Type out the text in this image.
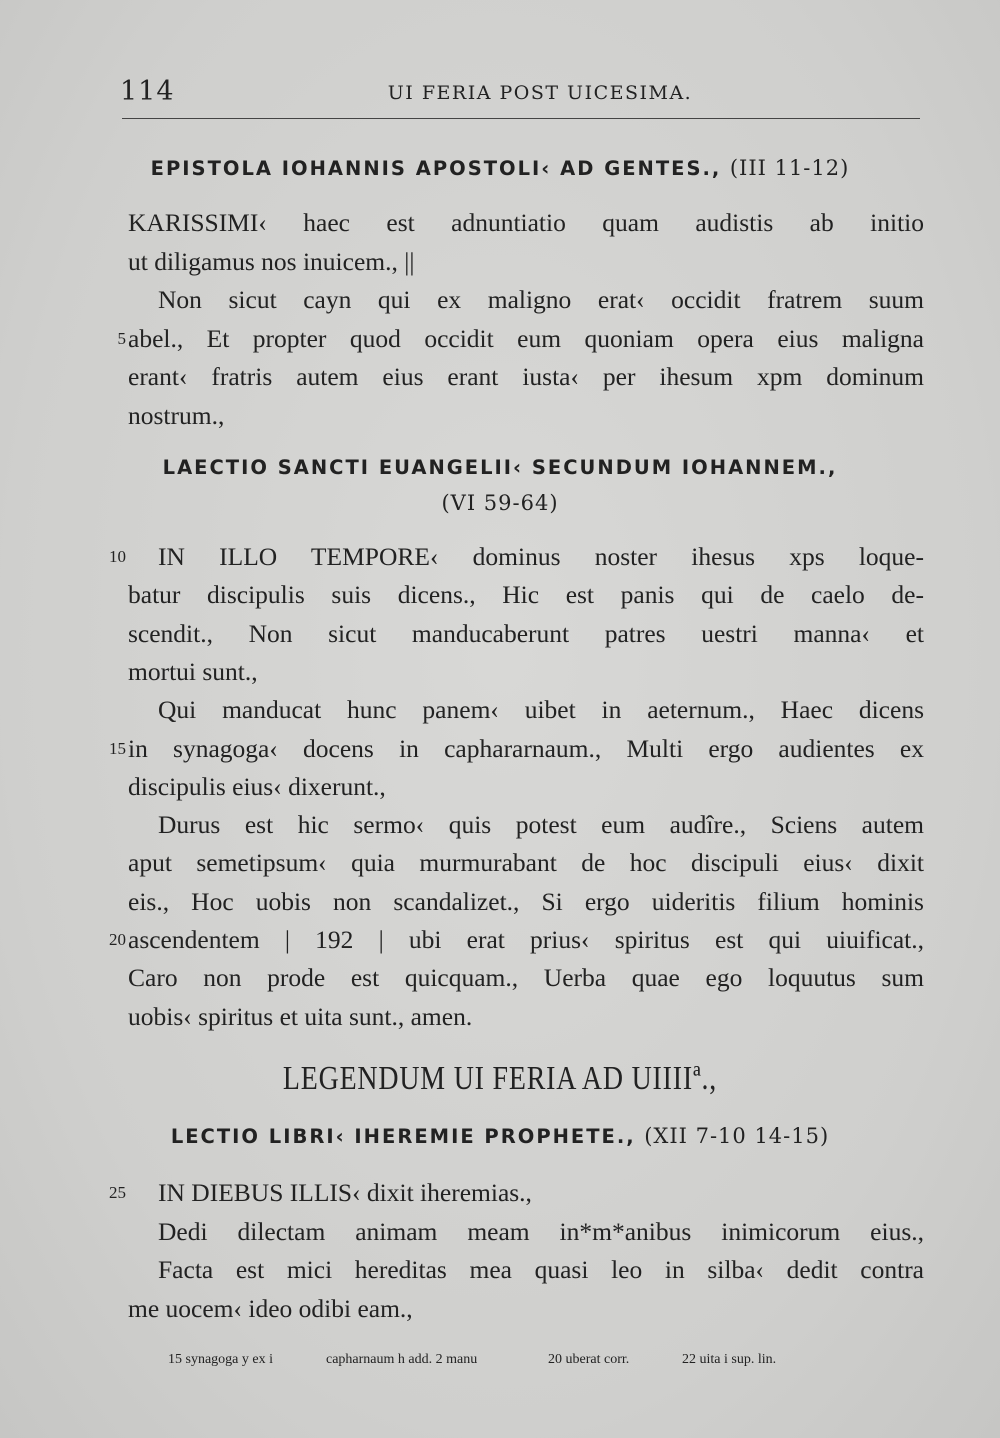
114	UI FERIA POST UICESIMA.
EPISTOLA IOHANNIS APOSTOLI‹ AD GENTES., (III 11-12)
KARISSIMI‹ haec est adnuntiatio quam audistis ab initio
ut diligamus nos inuicem., ||
Non sicut cayn qui ex maligno erat‹ occidit fratrem suum
5 abel., Et propter quod occidit eum quoniam opera eius maligna
erant‹ fratris autem eius erant iusta‹ per ihesum xpm dominum
nostrum.,
LAECTIO SANCTI EUANGELII‹ SECUNDUM IOHANNEM.,
(VI 59-64)
10 IN ILLO TEMPORE‹ dominus noster ihesus xps loque-
batur discipulis suis dicens., Hic est panis qui de caelo de-
scendit., Non sicut manducaberunt patres uestri manna‹ et
mortui sunt.,
Qui manducat hunc panem‹ uibet in aeternum., Haec dicens
15 in synagoga‹ docens in caphararnaum., Multi ergo audientes ex
discipulis eius‹ dixerunt.,
Durus est hic sermo‹ quis potest eum audîre., Sciens autem
aput semetipsum‹ quia murmurabant de hoc discipuli eius‹ dixit
eis., Hoc uobis non scandalizet., Si ergo uideritis filium hominis
20 ascendentem | 192 | ubi erat prius‹ spiritus est qui uiuificat.,
Caro non prode est quicquam., Uerba quae ego loquutus sum
uobis‹ spiritus et uita sunt., amen.
LEGENDUM UI FERIA AD UIIIIª.,
LECTIO LIBRI‹ IHEREMIE PROPHETE., (XII 7-10 14-15)
25 IN DIEBUS ILLIS‹ dixit iheremias.,
Dedi dilectam animam meam in*m*anibus inimicorum eius.,
Facta est mici hereditas mea quasi leo in silba‹ dedit contra
me uocem‹ ideo odibi eam.,
15 synagoga y ex i	capharnaum h add. 2 manu	20 uberat corr.	22 uita i sup. lin.
